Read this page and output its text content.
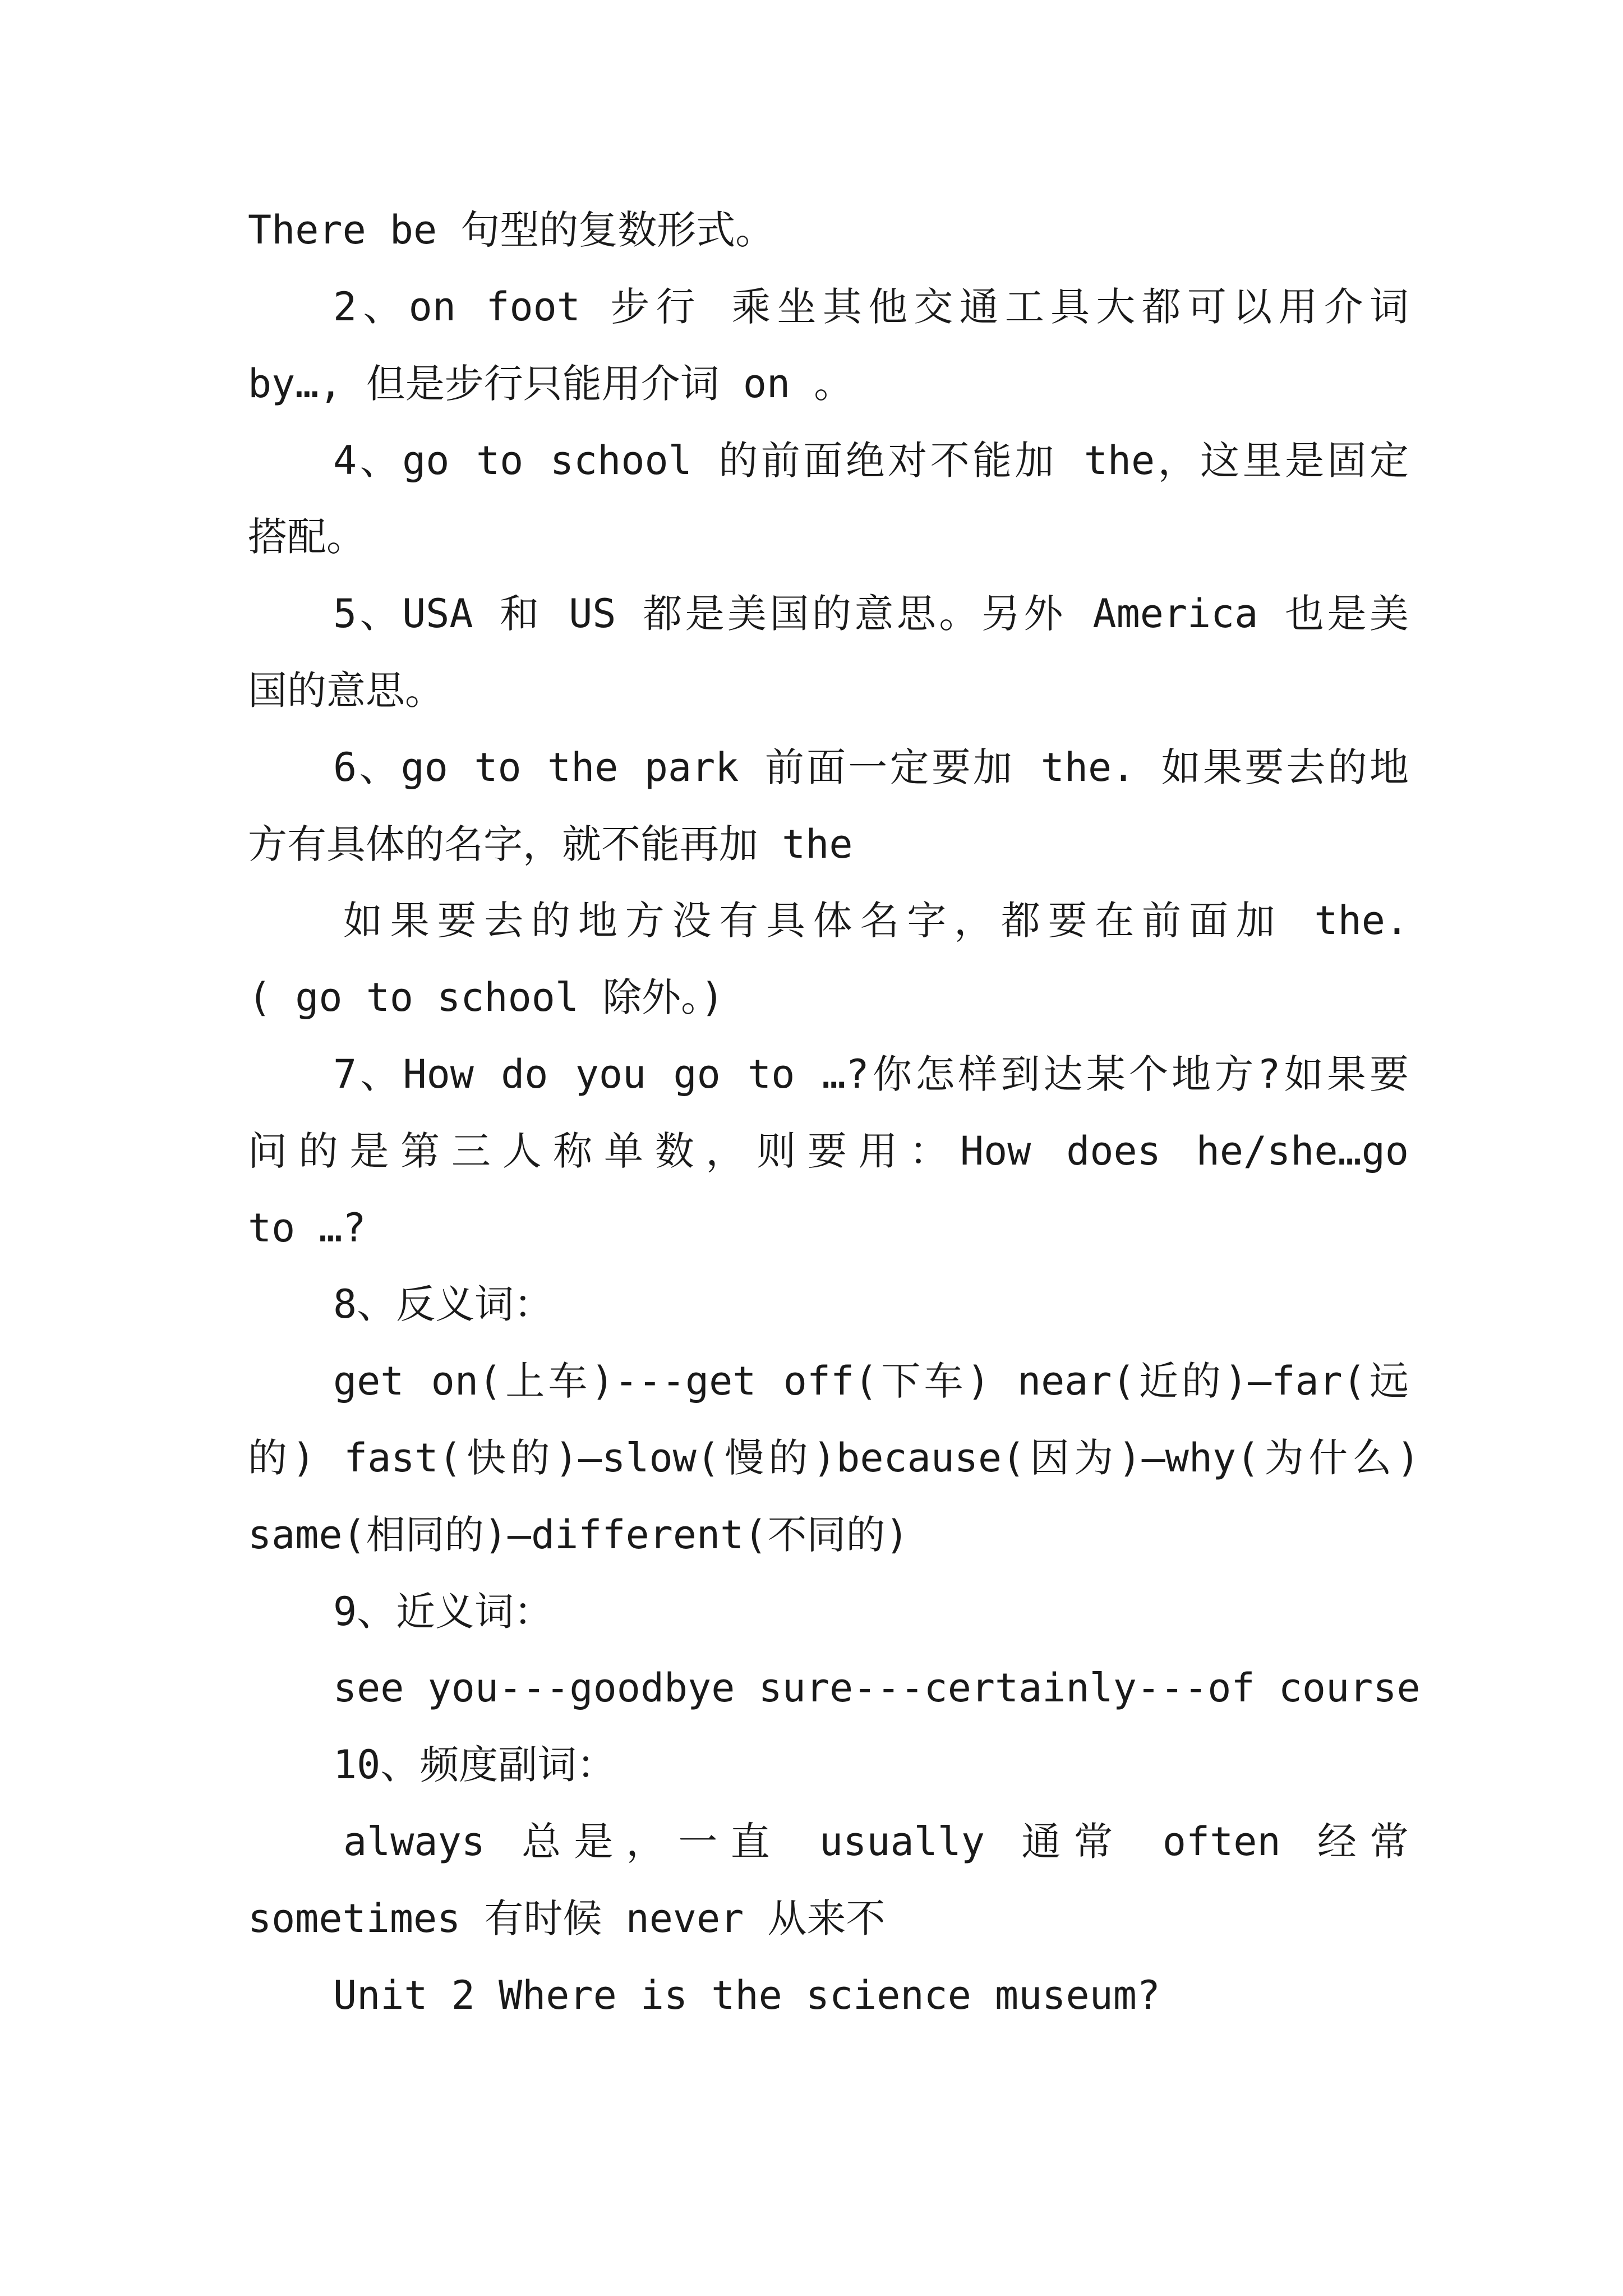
There be 句型的复数形式。
2、on foot 步行 乘坐其他交通工具大都可以用介词
by…, 但是步行只能用介词 on 。
4、go to school 的前面绝对不能加 the，这里是固定
搭配。
5、USA 和 US 都是美国的意思。另外 America 也是美
国的意思。
6、go to the park 前面一定要加 the. 如果要去的地
方有具体的名字，就不能再加 the
如果要去的地方没有具体名字，都要在前面加 the.
( go to school 除外。)
7、How do you go to …?你怎样到达某个地方?如果要
问的是第三人称单数，则要用：How does he/she…go
to …?
8、反义词：
get on(上车)---get off(下车) near(近的)—far(远
的) fast(快的)—slow(慢的)because(因为)—why(为什么)
same(相同的)—different(不同的)
9、近义词：
see you---goodbye sure---certainly---of course
10、频度副词：
always 总是，一直 usually 通常 often 经常
sometimes 有时候 never 从来不
Unit 2 Where is the science museum?
